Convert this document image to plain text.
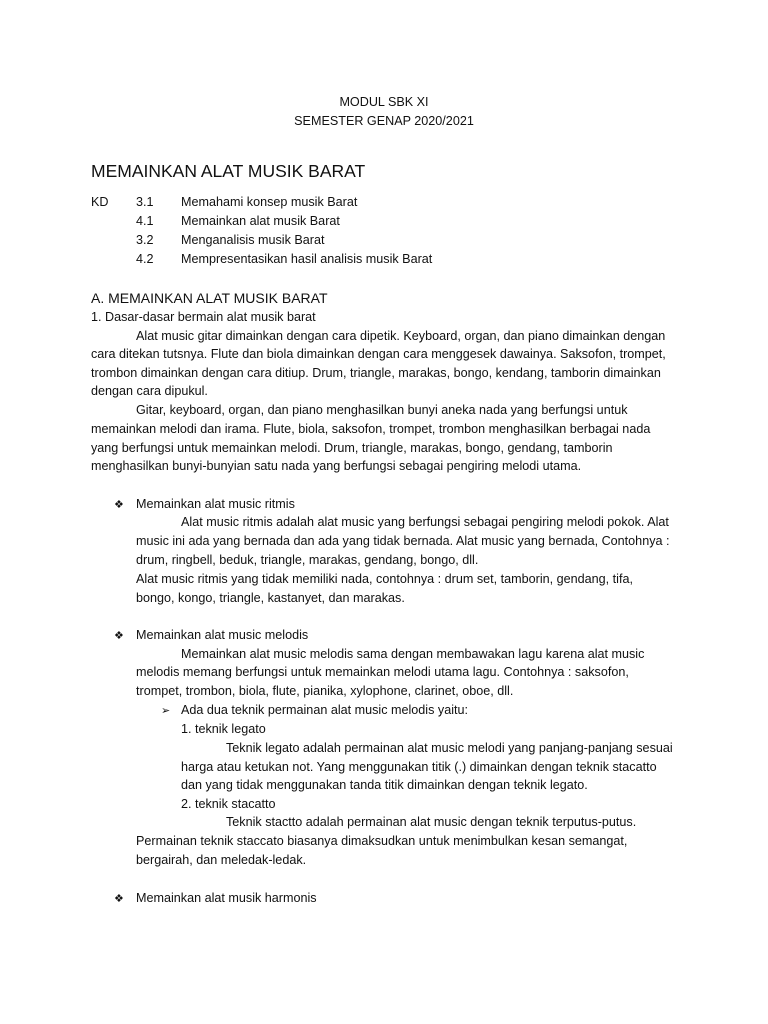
MODUL SBK XI
SEMESTER GENAP 2020/2021
MEMAINKAN ALAT MUSIK BARAT
KD 3.1 Memahami konsep musik Barat
4.1 Memainkan alat musik Barat
3.2 Menganalisis musik Barat
4.2 Mempresentasikan hasil analisis musik Barat
A. MEMAINKAN ALAT MUSIK BARAT
1. Dasar-dasar bermain alat musik barat
Alat music gitar dimainkan dengan cara dipetik. Keyboard, organ, dan piano dimainkan dengan
cara ditekan tutsnya. Flute dan biola dimainkan dengan cara menggesek dawainya. Saksofon, trompet,
trombon dimainkan dengan cara ditiup. Drum, triangle, marakas, bongo, kendang, tamborin dimainkan
dengan cara dipukul.
Gitar, keyboard, organ, dan piano menghasilkan bunyi aneka nada yang berfungsi untuk
memainkan melodi dan irama. Flute, biola, saksofon, trompet, trombon menghasilkan berbagai nada
yang berfungsi untuk memainkan melodi. Drum, triangle, marakas, bongo, gendang, tamborin
menghasilkan bunyi-bunyian satu nada yang berfungsi sebagai pengiring melodi utama.
❖ Memainkan alat music ritmis
Alat music ritmis adalah alat music yang berfungsi sebagai pengiring melodi pokok. Alat
music ini ada yang bernada dan ada yang tidak bernada. Alat music yang bernada, Contohnya :
drum, ringbell, beduk, triangle, marakas, gendang, bongo, dll.
Alat music ritmis yang tidak memiliki nada, contohnya : drum set, tamborin, gendang, tifa,
bongo, kongo, triangle, kastanyet, dan marakas.
❖ Memainkan alat music melodis
Memainkan alat music melodis sama dengan membawakan lagu karena alat music
melodis memang berfungsi untuk memainkan melodi utama lagu. Contohnya : saksofon,
trompet, trombon, biola, flute, pianika, xylophone, clarinet, oboe, dll.
➢ Ada dua teknik permainan alat music melodis yaitu:
1. teknik legato
Teknik legato adalah permainan alat music melodi yang panjang-panjang sesuai
harga atau ketukan not. Yang menggunakan titik (.) dimainkan dengan teknik stacatto
dan yang tidak menggunakan tanda titik dimainkan dengan teknik legato.
2. teknik stacatto
Teknik stactto adalah permainan alat music dengan teknik terputus-putus.
Permainan teknik staccato biasanya dimaksudkan untuk menimbulkan kesan semangat,
bergairah, dan meledak-ledak.
❖ Memainkan alat musik harmonis
